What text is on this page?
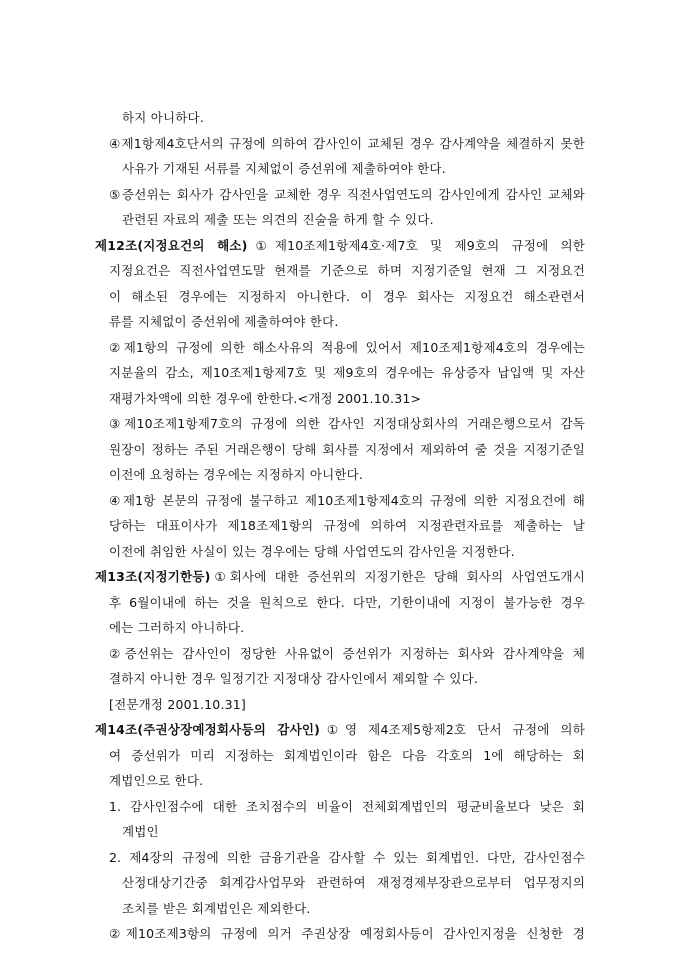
하지 아니하다.
④제1항제4호단서의 규정에 의하여 감사인이 교체된 경우 감사계약을 체결하지 못한
사유가 기재된 서류를 지체없이 증선위에 제출하여야 한다.
⑤증선위는 회사가 감사인을 교체한 경우 직전사업연도의 감사인에게 감사인 교체와
관련된 자료의 제출 또는 의견의 진술을 하게 할 수 있다.
제12조(지정요건의 해소)①제10조제1항제4호·제7호 및 제9호의 규정에 의한
지정요건은 직전사업연도말 현재를 기준으로 하며 지정기준일 현재 그 지정요건
이 해소된 경우에는 지정하지 아니한다. 이 경우 회사는 지정요건 해소관련서
류를 지체없이 증선위에 제출하여야 한다.
②제1항의 규정에 의한 해소사유의 적용에 있어서 제10조제1항제4호의 경우에는
지분율의 감소, 제10조제1항제7호 및 제9호의 경우에는 유상증자 납입액 및 자산
재평가차액에 의한 경우에 한한다.<개정 2001.10.31>
③제10조제1항제7호의 규정에 의한 감사인 지정대상회사의 거래은행으로서 감독
원장이 정하는 주된 거래은행이 당해 회사를 지정에서 제외하여 줄 것을 지정기준일
이전에 요청하는 경우에는 지정하지 아니한다.
④제1항 본문의 규정에 불구하고 제10조제1항제4호의 규정에 의한 지정요건에 해
당하는 대표이사가 제18조제1항의 규정에 의하여 지정관련자료를 제출하는 날
이전에 취임한 사실이 있는 경우에는 당해 사업연도의 감사인을 지정한다.
제13조(지정기한등)①회사에 대한 증선위의 지정기한은 당해 회사의 사업연도개시
후 6월이내에 하는 것을 원칙으로 한다. 다만, 기한이내에 지정이 불가능한 경우
에는 그러하지 아니하다.
②증선위는 감사인이 정당한 사유없이 증선위가 지정하는 회사와 감사계약을 체
결하지 아니한 경우 일정기간 지정대상 감사인에서 제외할 수 있다.
[전문개정 2001.10.31]
제14조(주권상장예정회사등의 감사인)①영 제4조제5항제2호 단서 규정에 의하
여 증선위가 미리 지정하는 회계법인이라 함은 다음 각호의 1에 해당하는 회
계법인으로 한다.
1. 감사인점수에 대한 조치점수의 비율이 전체회계법인의 평균비율보다 낮은 회
계법인
2. 제4장의 규정에 의한 금융기관을 감사할 수 있는 회계법인. 다만, 감사인점수
산정대상기간중 회계감사업무와 관련하여 재정경제부장관으로부터 업무정지의
조치를 받은 회계법인은 제외한다.
②제10조제3항의 규정에 의거 주권상장 예정회사등이 감사인지정을 신청한 경
